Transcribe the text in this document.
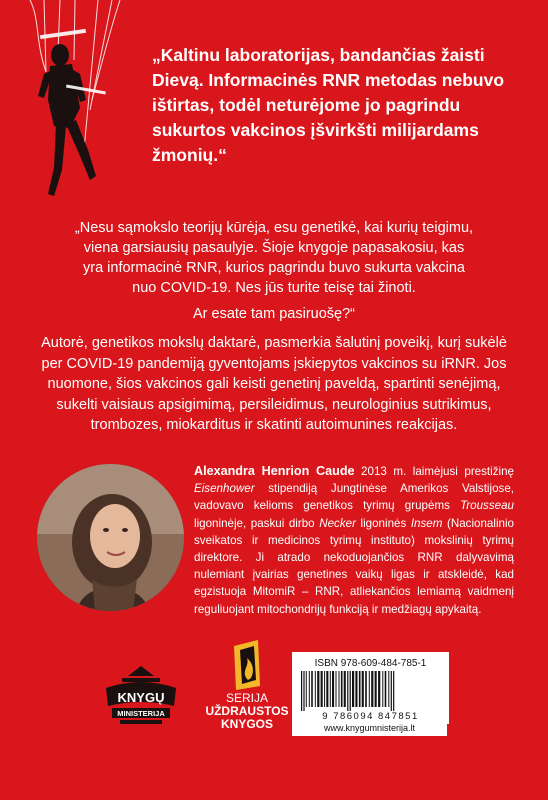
„Kaltinu laboratorijas, bandančias žaisti Dievą. Informacinės RNR metodas nebuvo ištirtas, todėl neturėjome jo pagrindu sukurtos vakcinos įšvirkšti milijardams žmonių.“

„Nesu sąmokslo teorijų kūrėja, esu genetikė, kai kurių teigimu, viena garsiausių pasaulyje. Šioje knygoje papasakosiu, kas yra informacinė RNR, kurios pagrindu buvo sukurta vakcina nuo COVID-19. Nes jūs turite teisę tai žinoti.

Ar esate tam pasiruošę?“

Autorė, genetikos mokslų daktarė, pasmerkia šalutinį poveikį, kurį sukėlė per COVID-19 pandemiją gyventojams įskiepytos vakcinos su iRNR. Jos nuomone, šios vakcinos gali keisti genetinį paveldą, spartinti senėjimą, sukelti vaisiaus apsigimimą, persileidimus, neurologinius sutrikimus, trombozes, miokarditus ir skatinti autoimunines reakcijas.

Alexandra Henrion Caude 2013 m. laimėjusi prestižinę Eisenhower stipendiją Jungtinėse Amerikos Valstijose, vadovavo kelioms genetikos tyrimų grupėms Trousseau ligoninėje, paskui dirbo Necker ligoninės Insem (Nacionalinio sveikatos ir medicinos tyrimų instituto) mokslinių tyrimų direktore. Ji atrado nekoduojančios RNR dalyvavimą nulemiant įvairias genetines vaikų ligas ir atskleidė, kad egzistuoja MitomiR – RNR, atliekančios lemiamą vaidmenį reguliuojant mitochondrijų funkciją ir medžiagų apykaitą.

KNYGŲ
MINISTERIJA
SERIJA
UŽDRAUSTOS
KNYGOS
ISBN 978-609-484-785-1
9 786094 847851
www.knygumnisterija.lt
